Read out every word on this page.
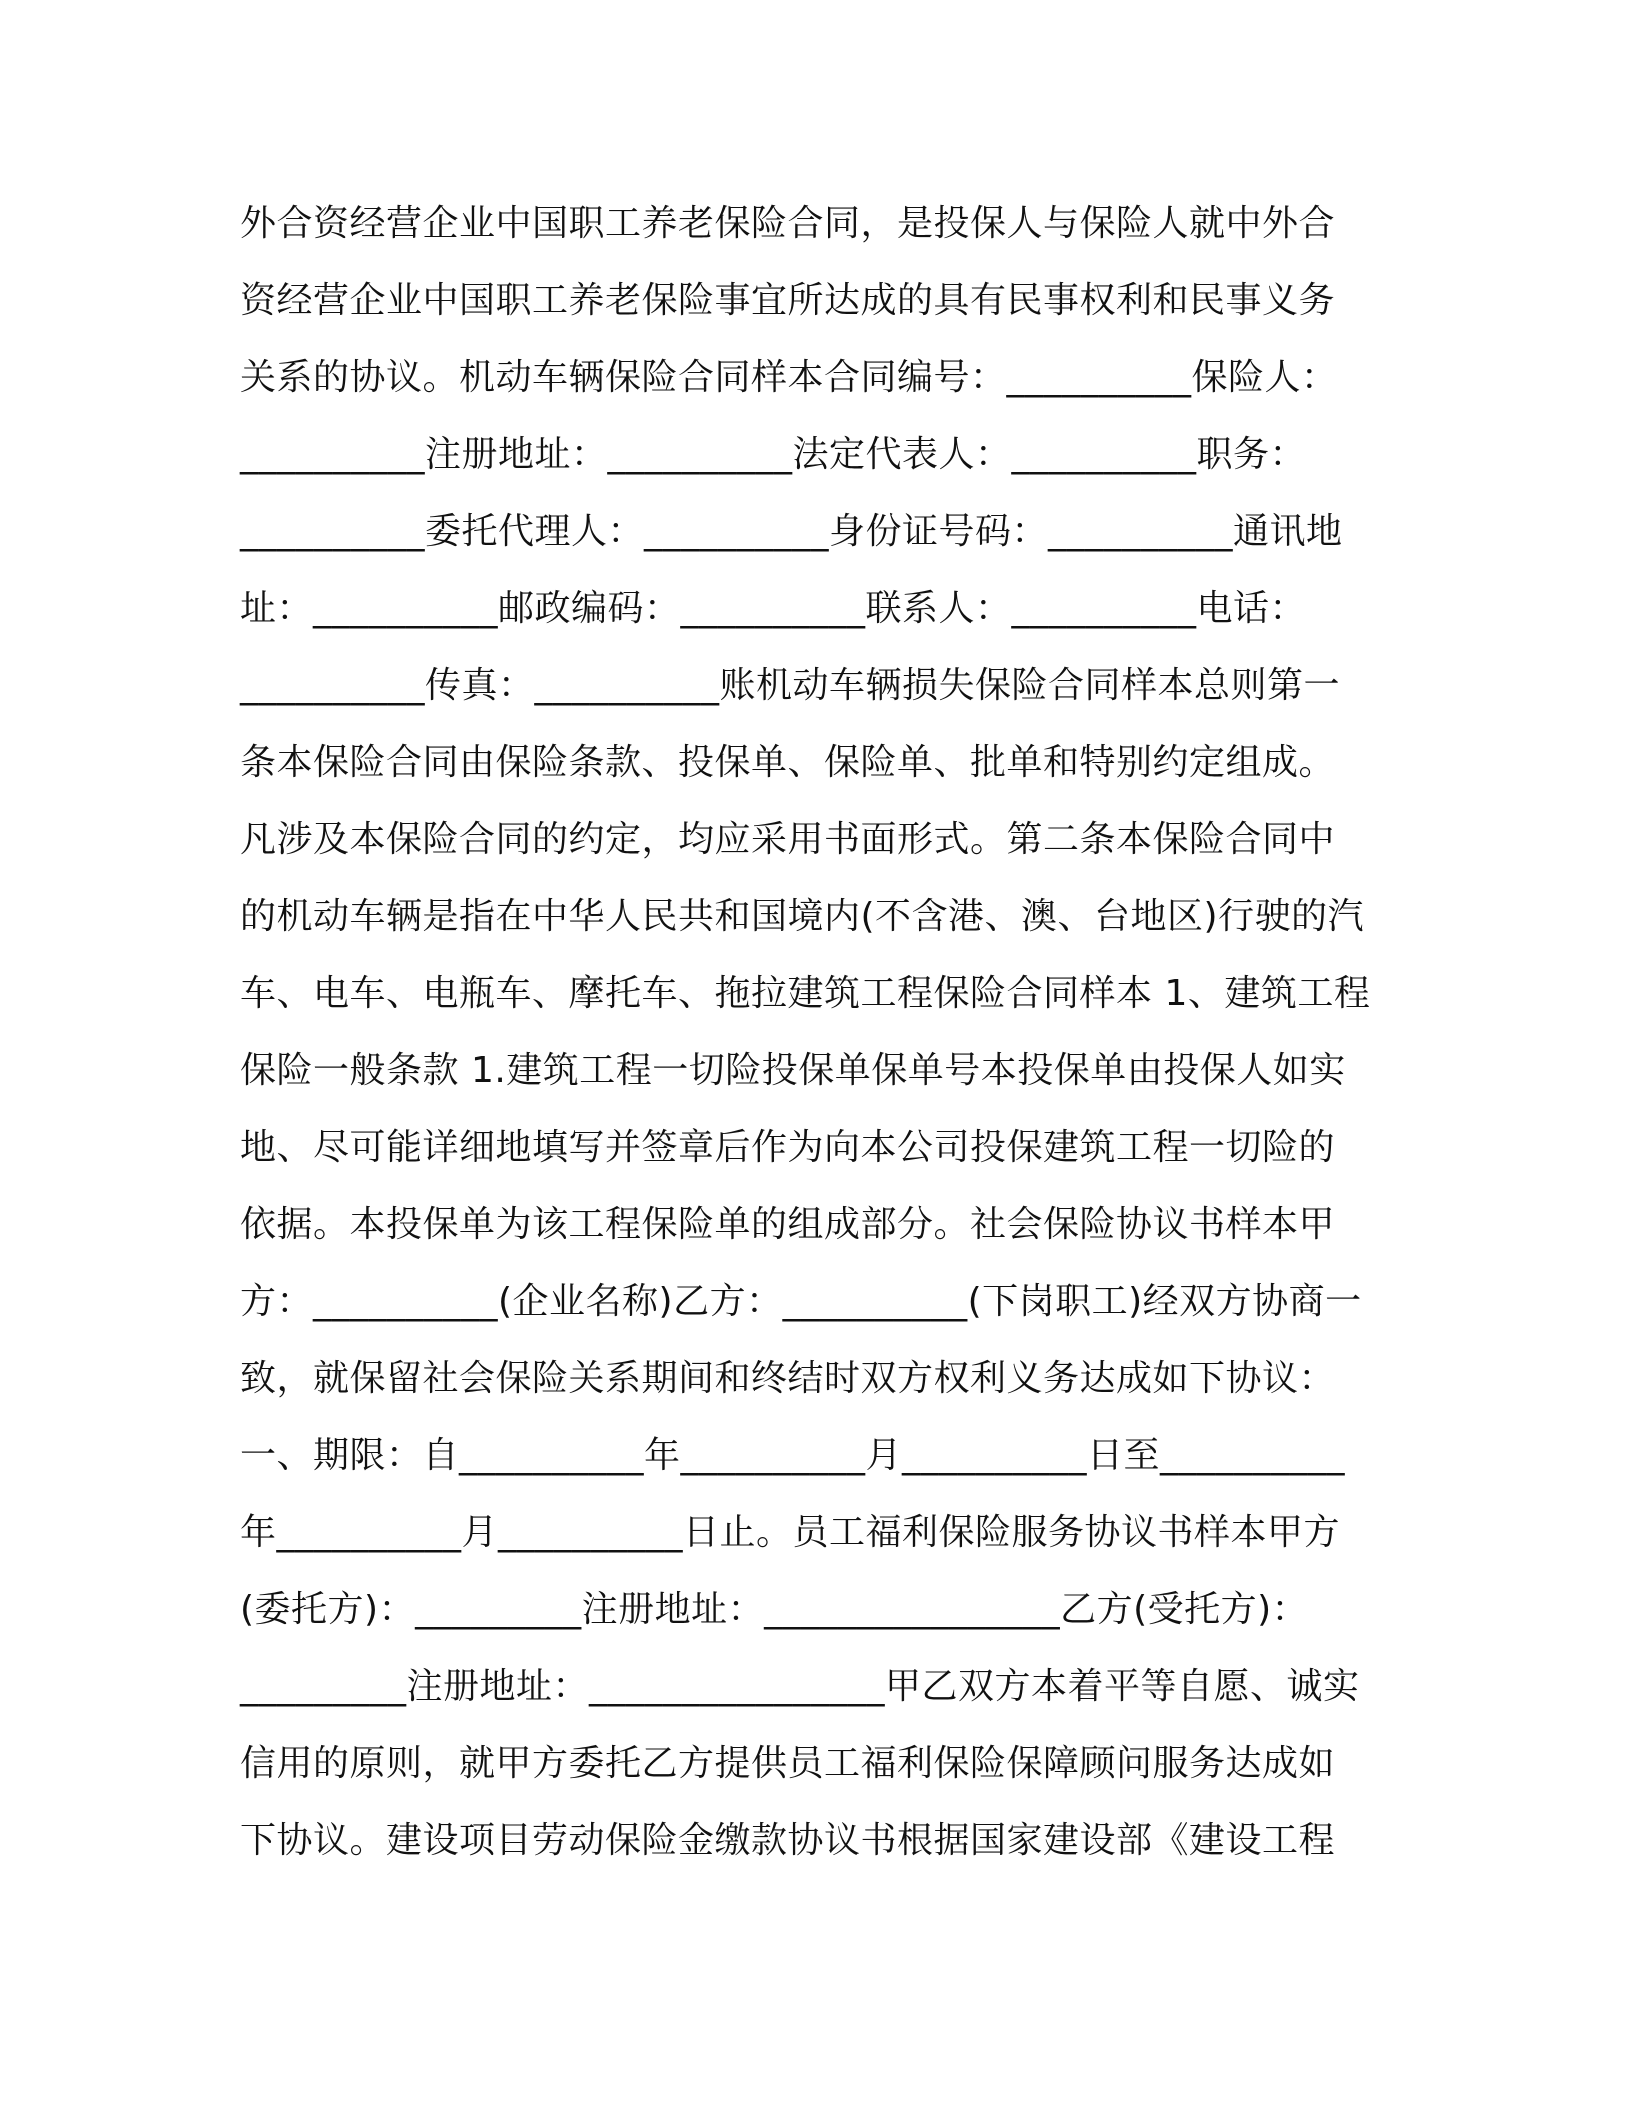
外合资经营企业中国职工养老保险合同，是投保人与保险人就中外合
资经营企业中国职工养老保险事宜所达成的具有民事权利和民事义务
关系的协议。机动车辆保险合同样本合同编号：__________保险人：
__________注册地址：__________法定代表人：__________职务：
__________委托代理人：__________身份证号码：__________通讯地
址：__________邮政编码：__________联系人：__________电话：
__________传真：__________账机动车辆损失保险合同样本总则第一
条本保险合同由保险条款、投保单、保险单、批单和特别约定组成。
凡涉及本保险合同的约定，均应采用书面形式。第二条本保险合同中
的机动车辆是指在中华人民共和国境内(不含港、澳、台地区)行驶的汽
车、电车、电瓶车、摩托车、拖拉建筑工程保险合同样本 1、建筑工程
保险一般条款 1.建筑工程一切险投保单保单号本投保单由投保人如实
地、尽可能详细地填写并签章后作为向本公司投保建筑工程一切险的
依据。本投保单为该工程保险单的组成部分。社会保险协议书样本甲
方：__________(企业名称)乙方：__________(下岗职工)经双方协商一
致，就保留社会保险关系期间和终结时双方权利义务达成如下协议：
一、期限：自__________年__________月__________日至__________
年__________月__________日止。员工福利保险服务协议书样本甲方
(委托方)：_________注册地址：________________乙方(受托方)：
_________注册地址：________________甲乙双方本着平等自愿、诚实
信用的原则，就甲方委托乙方提供员工福利保险保障顾问服务达成如
下协议。建设项目劳动保险金缴款协议书根据国家建设部《建设工程
